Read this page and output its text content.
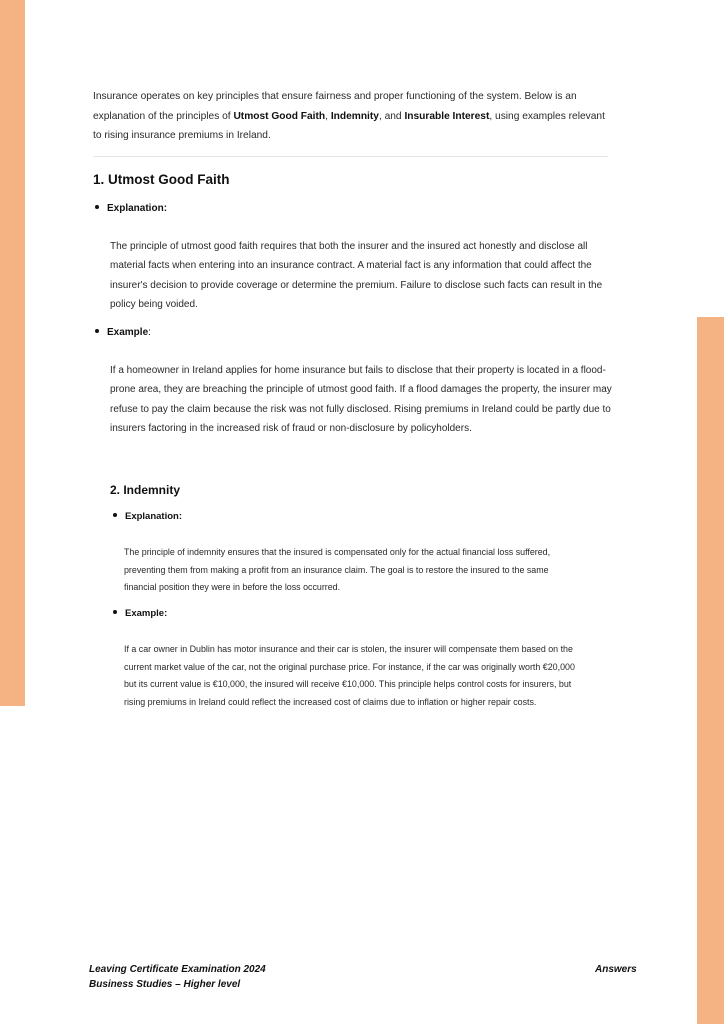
Insurance operates on key principles that ensure fairness and proper functioning of the system. Below is an explanation of the principles of Utmost Good Faith, Indemnity, and Insurable Interest, using examples relevant to rising insurance premiums in Ireland.

1. Utmost Good Faith
Explanation:

The principle of utmost good faith requires that both the insurer and the insured act honestly and disclose all material facts when entering into an insurance contract. A material fact is any information that could affect the insurer's decision to provide coverage or determine the premium. Failure to disclose such facts can result in the policy being voided.

Example:

If a homeowner in Ireland applies for home insurance but fails to disclose that their property is located in a flood-prone area, they are breaching the principle of utmost good faith. If a flood damages the property, the insurer may refuse to pay the claim because the risk was not fully disclosed. Rising premiums in Ireland could be partly due to insurers factoring in the increased risk of fraud or non-disclosure by policyholders.

2. Indemnity
Explanation:

The principle of indemnity ensures that the insured is compensated only for the actual financial loss suffered, preventing them from making a profit from an insurance claim. The goal is to restore the insured to the same financial position they were in before the loss occurred.

Example:

If a car owner in Dublin has motor insurance and their car is stolen, the insurer will compensate them based on the current market value of the car, not the original purchase price. For instance, if the car was originally worth €20,000 but its current value is €10,000, the insured will receive €10,000. This principle helps control costs for insurers, but rising premiums in Ireland could reflect the increased cost of claims due to inflation or higher repair costs.

Leaving Certificate Examination 2024
Business Studies – Higher level
Answers
